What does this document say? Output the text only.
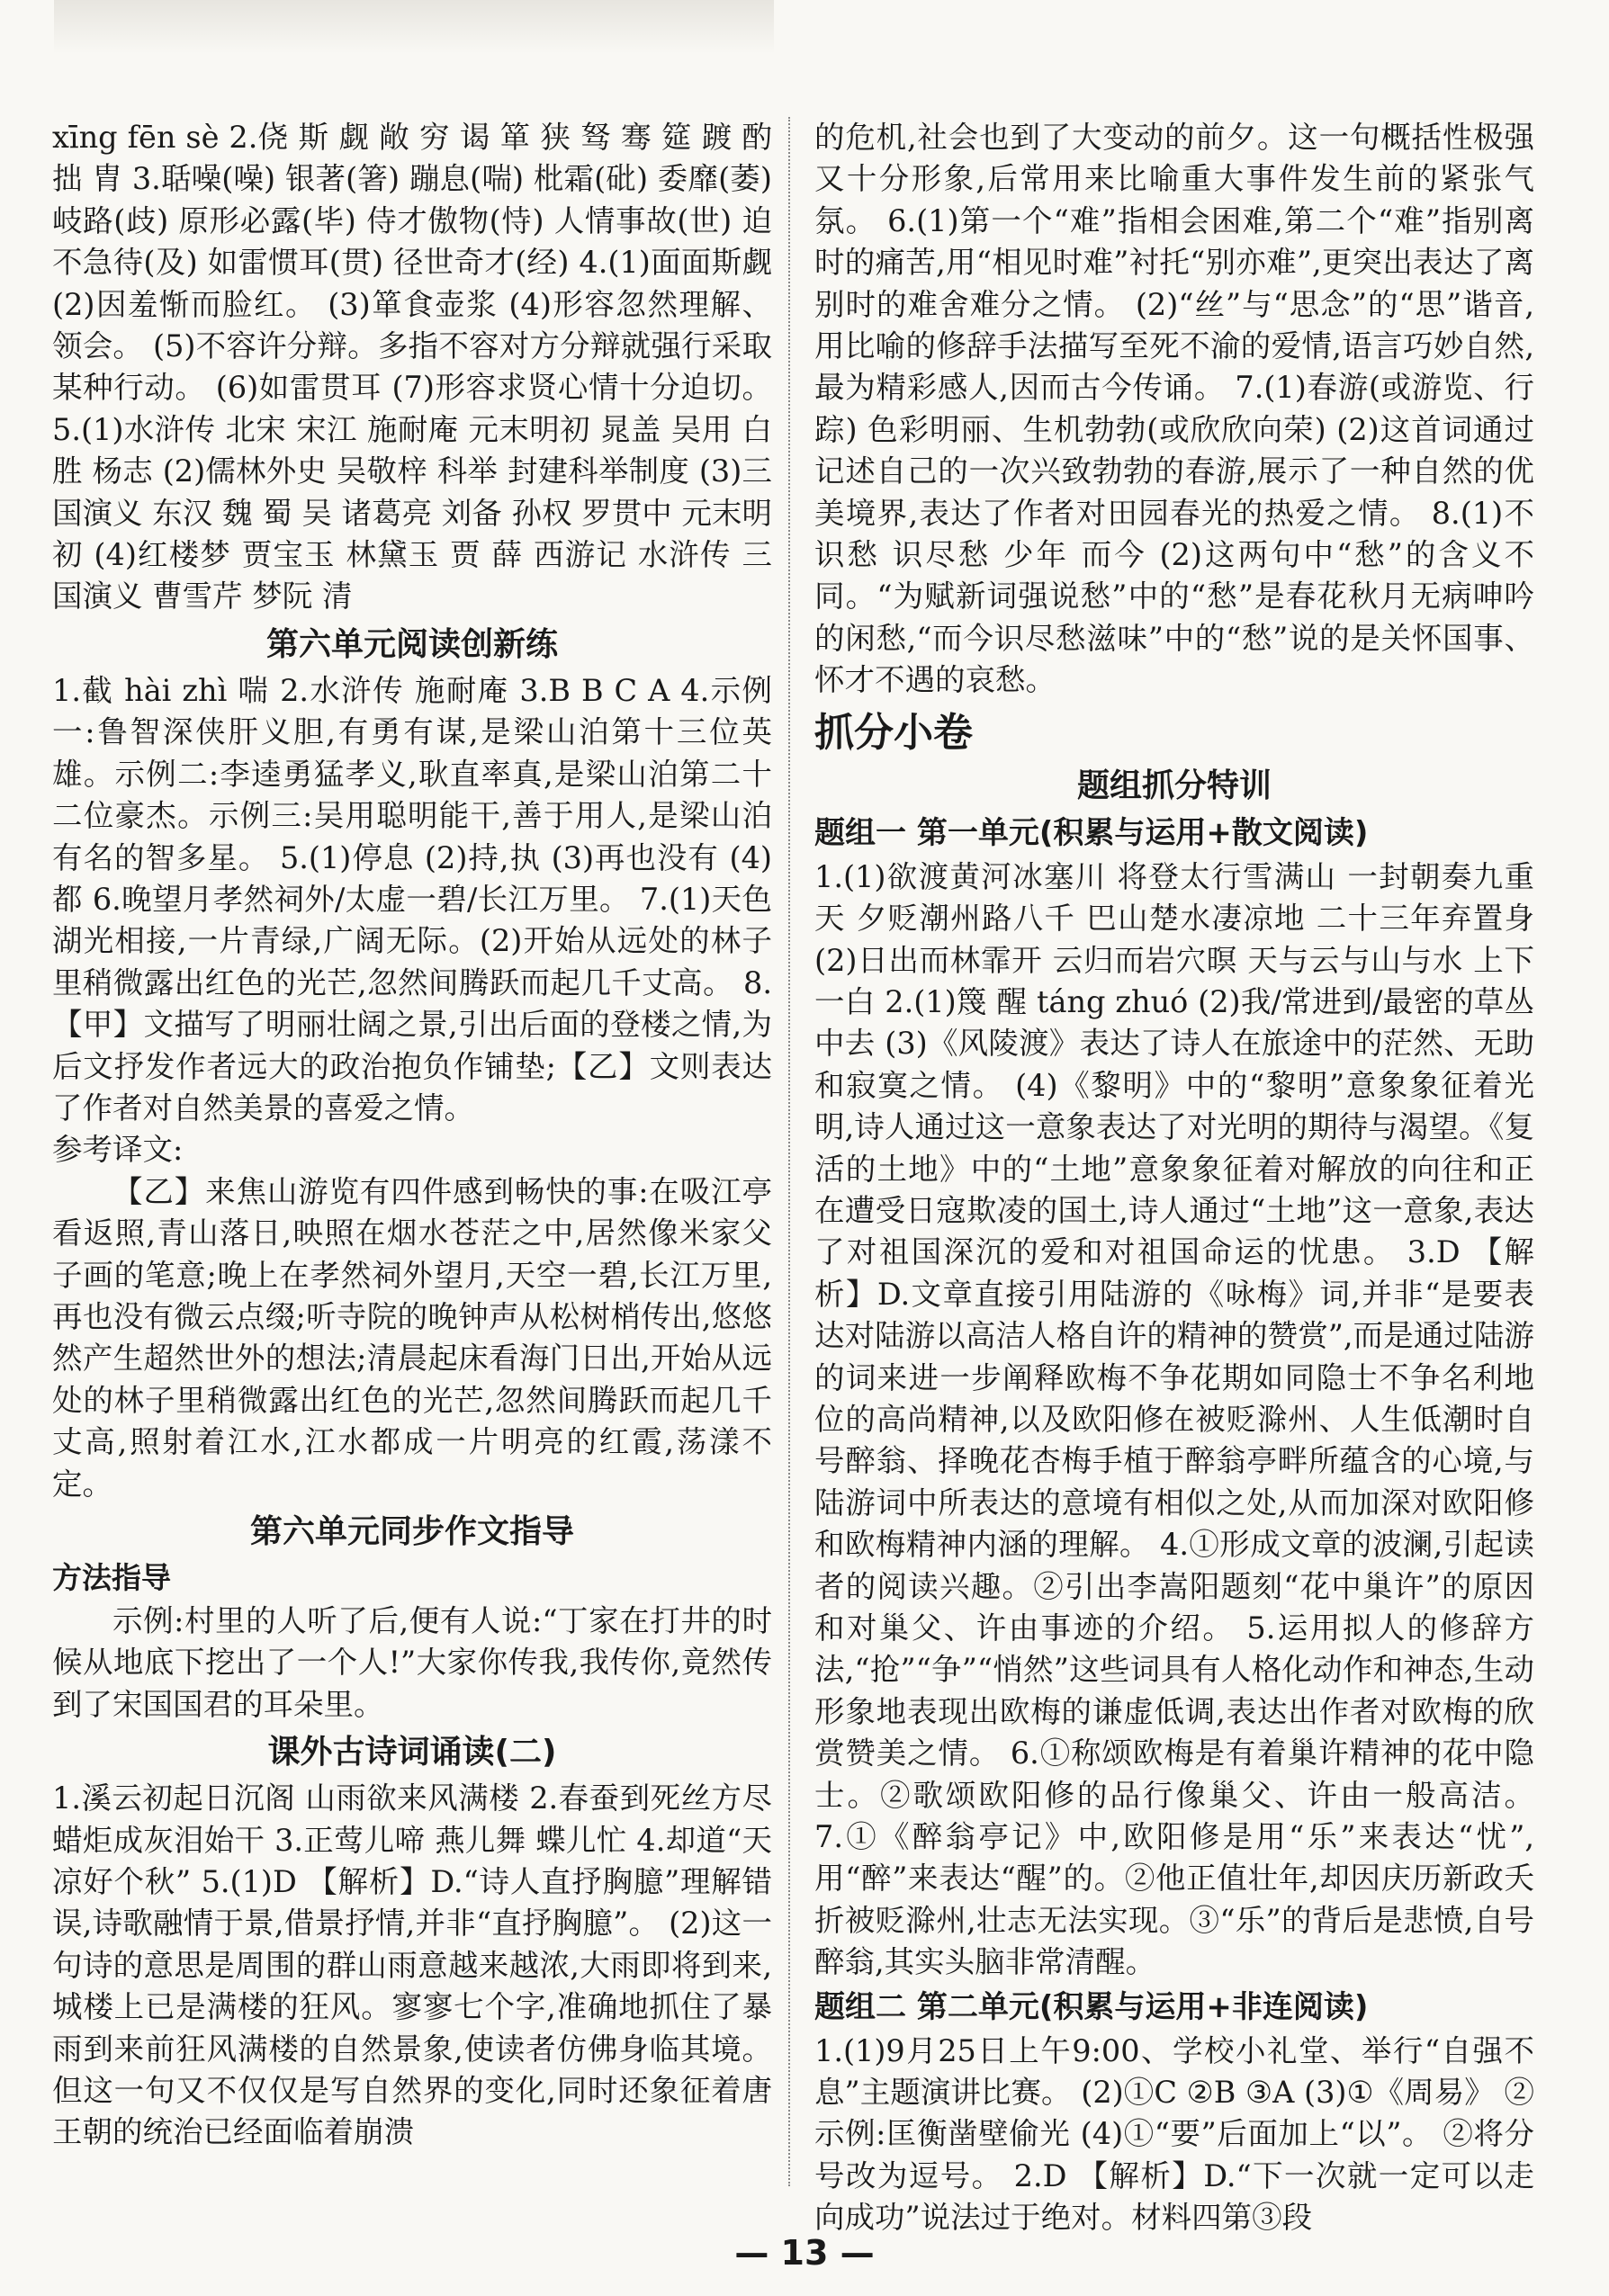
xīng fēn sè 2.侥 斯 觑 敞 穷 谒 箪 狭 驽 骞 筵 踱 酌 拙 胄 3.聒噪(噪) 银著(箸) 蹦息(喘) 枇霜(砒) 委靡(萎) 岐路(歧) 原形必露(毕) 侍才傲物(恃) 人情事故(世) 迫不急待(及) 如雷惯耳(贯) 径世奇才(经) 4.(1)面面斯觑 (2)因羞惭而脸红。 (3)箪食壶浆 (4)形容忽然理解、领会。 (5)不容许分辩。多指不容对方分辩就强行采取某种行动。 (6)如雷贯耳 (7)形容求贤心情十分迫切。 5.(1)水浒传 北宋 宋江 施耐庵 元末明初 晁盖 吴用 白胜 杨志 (2)儒林外史 吴敬梓 科举 封建科举制度 (3)三国演义 东汉 魏 蜀 吴 诸葛亮 刘备 孙权 罗贯中 元末明初 (4)红楼梦 贾宝玉 林黛玉 贾 薛 西游记 水浒传 三国演义 曹雪芹 梦阮 清

第六单元阅读创新练

1.截 hài zhì 喘 2.水浒传 施耐庵 3.B B C A 4.示例一:鲁智深侠肝义胆,有勇有谋,是梁山泊第十三位英雄。示例二:李逵勇猛孝义,耿直率真,是梁山泊第二十二位豪杰。示例三:吴用聪明能干,善于用人,是梁山泊有名的智多星。 5.(1)停息 (2)持,执 (3)再也没有 (4)都 6.晚望月孝然祠外/太虚一碧/长江万里。 7.(1)天色湖光相接,一片青绿,广阔无际。(2)开始从远处的林子里稍微露出红色的光芒,忽然间腾跃而起几千丈高。 8.【甲】文描写了明丽壮阔之景,引出后面的登楼之情,为后文抒发作者远大的政治抱负作铺垫;【乙】文则表达了作者对自然美景的喜爱之情。

参考译文:

【乙】来焦山游览有四件感到畅快的事:在吸江亭看返照,青山落日,映照在烟水苍茫之中,居然像米家父子画的笔意;晚上在孝然祠外望月,天空一碧,长江万里,再也没有微云点缀;听寺院的晚钟声从松树梢传出,悠悠然产生超然世外的想法;清晨起床看海门日出,开始从远处的林子里稍微露出红色的光芒,忽然间腾跃而起几千丈高,照射着江水,江水都成一片明亮的红霞,荡漾不定。

第六单元同步作文指导
方法指导

示例:村里的人听了后,便有人说:“丁家在打井的时候从地底下挖出了一个人!”大家你传我,我传你,竟然传到了宋国国君的耳朵里。

课外古诗词诵读(二)

1.溪云初起日沉阁 山雨欲来风满楼 2.春蚕到死丝方尽 蜡炬成灰泪始干 3.正莺儿啼 燕儿舞 蝶儿忙 4.却道“天凉好个秋” 5.(1)D 【解析】D.“诗人直抒胸臆”理解错误,诗歌融情于景,借景抒情,并非“直抒胸臆”。 (2)这一句诗的意思是周围的群山雨意越来越浓,大雨即将到来,城楼上已是满楼的狂风。寥寥七个字,准确地抓住了暴雨到来前狂风满楼的自然景象,使读者仿佛身临其境。但这一句又不仅仅是写自然界的变化,同时还象征着唐王朝的统治已经面临着崩溃

的危机,社会也到了大变动的前夕。这一句概括性极强又十分形象,后常用来比喻重大事件发生前的紧张气氛。 6.(1)第一个“难”指相会困难,第二个“难”指别离时的痛苦,用“相见时难”衬托“别亦难”,更突出表达了离别时的难舍难分之情。 (2)“丝”与“思念”的“思”谐音,用比喻的修辞手法描写至死不渝的爱情,语言巧妙自然,最为精彩感人,因而古今传诵。 7.(1)春游(或游览、行踪) 色彩明丽、生机勃勃(或欣欣向荣) (2)这首词通过记述自己的一次兴致勃勃的春游,展示了一种自然的优美境界,表达了作者对田园春光的热爱之情。 8.(1)不识愁 识尽愁 少年 而今 (2)这两句中“愁”的含义不同。“为赋新词强说愁”中的“愁”是春花秋月无病呻吟的闲愁,“而今识尽愁滋味”中的“愁”说的是关怀国事、怀才不遇的哀愁。

抓分小卷
题组抓分特训
题组一 第一单元(积累与运用+散文阅读)

1.(1)欲渡黄河冰塞川 将登太行雪满山 一封朝奏九重天 夕贬潮州路八千 巴山楚水凄凉地 二十三年弃置身 (2)日出而林霏开 云归而岩穴暝 天与云与山与水 上下一白 2.(1)篾 醒 táng zhuó (2)我/常进到/最密的草丛中去 (3)《风陵渡》表达了诗人在旅途中的茫然、无助和寂寞之情。 (4)《黎明》中的“黎明”意象象征着光明,诗人通过这一意象表达了对光明的期待与渴望。《复活的土地》中的“土地”意象象征着对解放的向往和正在遭受日寇欺凌的国土,诗人通过“土地”这一意象,表达了对祖国深沉的爱和对祖国命运的忧患。 3.D 【解析】D.文章直接引用陆游的《咏梅》词,并非“是要表达对陆游以高洁人格自许的精神的赞赏”,而是通过陆游的词来进一步阐释欧梅不争花期如同隐士不争名利地位的高尚精神,以及欧阳修在被贬滁州、人生低潮时自号醉翁、择晚花杏梅手植于醉翁亭畔所蕴含的心境,与陆游词中所表达的意境有相似之处,从而加深对欧阳修和欧梅精神内涵的理解。 4.①形成文章的波澜,引起读者的阅读兴趣。②引出李嵩阳题刻“花中巢许”的原因和对巢父、许由事迹的介绍。 5.运用拟人的修辞方法,“抢”“争”“悄然”这些词具有人格化动作和神态,生动形象地表现出欧梅的谦虚低调,表达出作者对欧梅的欣赏赞美之情。 6.①称颂欧梅是有着巢许精神的花中隐士。②歌颂欧阳修的品行像巢父、许由一般高洁。 7.①《醉翁亭记》中,欧阳修是用“乐”来表达“忧”,用“醉”来表达“醒”的。②他正值壮年,却因庆历新政夭折被贬滁州,壮志无法实现。③“乐”的背后是悲愤,自号醉翁,其实头脑非常清醒。

题组二 第二单元(积累与运用+非连阅读)

1.(1)9月25日上午9:00、学校小礼堂、举行“自强不息”主题演讲比赛。 (2)①C ②B ③A (3)①《周易》 ②示例:匡衡凿壁偷光 (4)①“要”后面加上“以”。 ②将分号改为逗号。 2.D 【解析】D.“下一次就一定可以走向成功”说法过于绝对。材料四第③段

— 13 —
